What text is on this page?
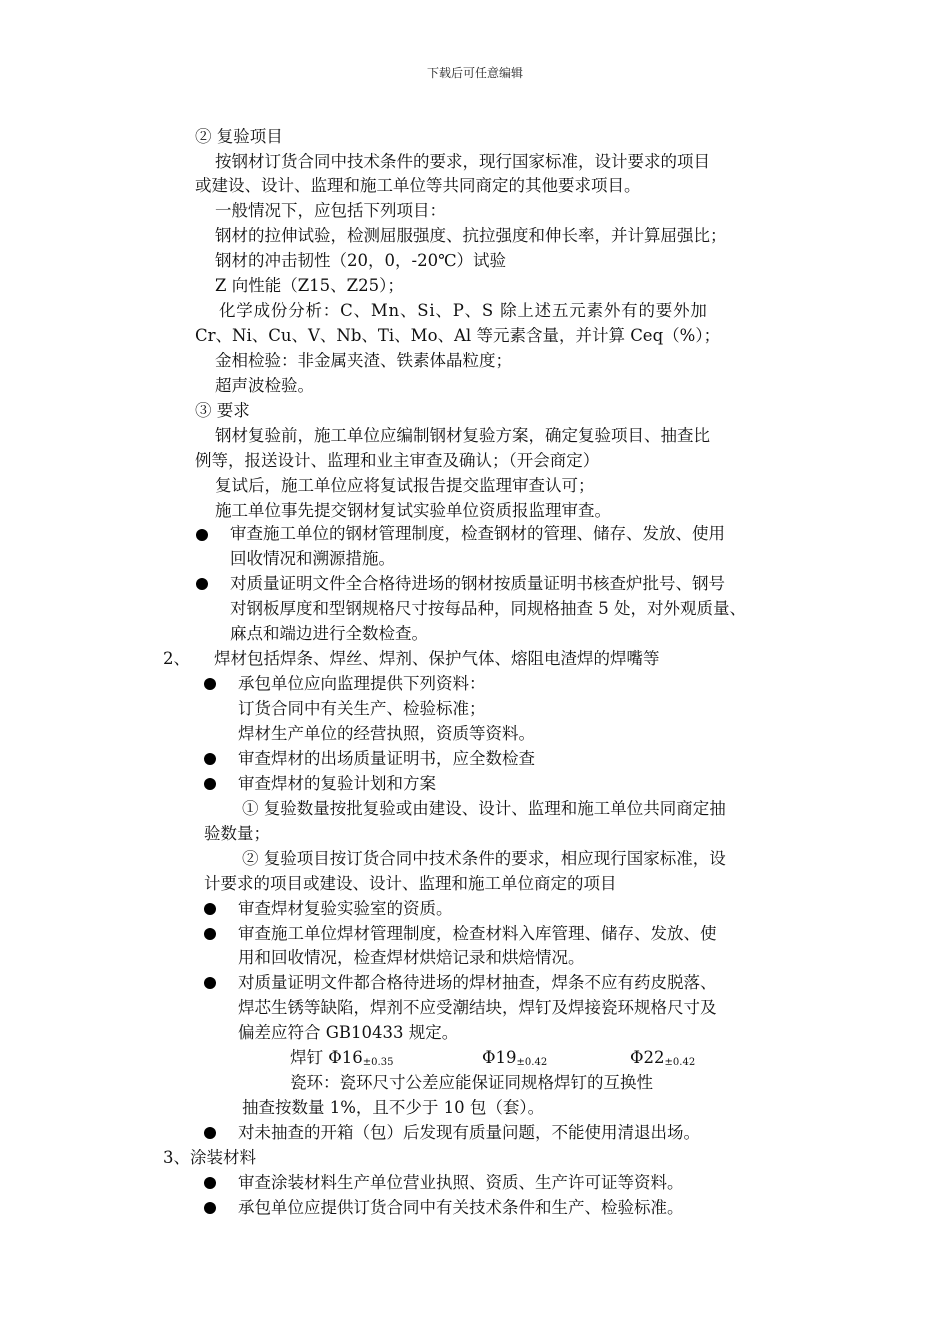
下载后可任意编辑
② 复验项目
按钢材订货合同中技术条件的要求，现行国家标准，设计要求的项目
或建设、设计、监理和施工单位等共同商定的其他要求项目。
一般情况下，应包括下列项目：
钢材的拉伸试验，检测屈服强度、抗拉强度和伸长率，并计算屈强比；
钢材的冲击韧性（20，0，-20℃）试验
Z 向性能（Z15、Z25）；
化学成份分析：C、Mn、Si、P、S 除上述五元素外有的要外加
Cr、Ni、Cu、V、Nb、Ti、Mo、Al 等元素含量，并计算 Ceq（%）；
金相检验：非金属夹渣、铁素体晶粒度；
超声波检验。
③ 要求
钢材复验前，施工单位应编制钢材复验方案，确定复验项目、抽查比
例等，报送设计、监理和业主审查及确认；（开会商定）
复试后，施工单位应将复试报告提交监理审查认可；
施工单位事先提交钢材复试实验单位资质报监理审查。
审查施工单位的钢材管理制度，检查钢材的管理、储存、发放、使用
回收情况和溯源措施。
对质量证明文件全合格待进场的钢材按质量证明书核查炉批号、钢号
对钢板厚度和型钢规格尺寸按每品种，同规格抽查 5 处，对外观质量、
麻点和端边进行全数检查。
2、 焊材包括焊条、焊丝、焊剂、保护气体、熔阻电渣焊的焊嘴等
承包单位应向监理提供下列资料：
订货合同中有关生产、检验标准；
焊材生产单位的经营执照，资质等资料。
审查焊材的出场质量证明书，应全数检查
审查焊材的复验计划和方案
① 复验数量按批复验或由建设、设计、监理和施工单位共同商定抽
验数量；
② 复验项目按订货合同中技术条件的要求，相应现行国家标准，设
计要求的项目或建设、设计、监理和施工单位商定的项目
审查焊材复验实验室的资质。
审查施工单位焊材管理制度，检查材料入库管理、储存、发放、使
用和回收情况，检查焊材烘焙记录和烘焙情况。
对质量证明文件都合格待进场的焊材抽查，焊条不应有药皮脱落、
焊芯生锈等缺陷，焊剂不应受潮结块，焊钉及焊接瓷环规格尺寸及
偏差应符合 GB10433 规定。
焊钉 $\Phi 16_{\pm 0.35}$	$\Phi 19_{\pm 0.42}$	$\Phi 22_{\pm 0.42}$
瓷环：瓷环尺寸公差应能保证同规格焊钉的互换性
抽查按数量 1%，且不少于 10 包（套）。
对未抽查的开箱（包）后发现有质量问题，不能使用清退出场。
3、涂装材料
审查涂装材料生产单位营业执照、资质、生产许可证等资料。
承包单位应提供订货合同中有关技术条件和生产、检验标准。
